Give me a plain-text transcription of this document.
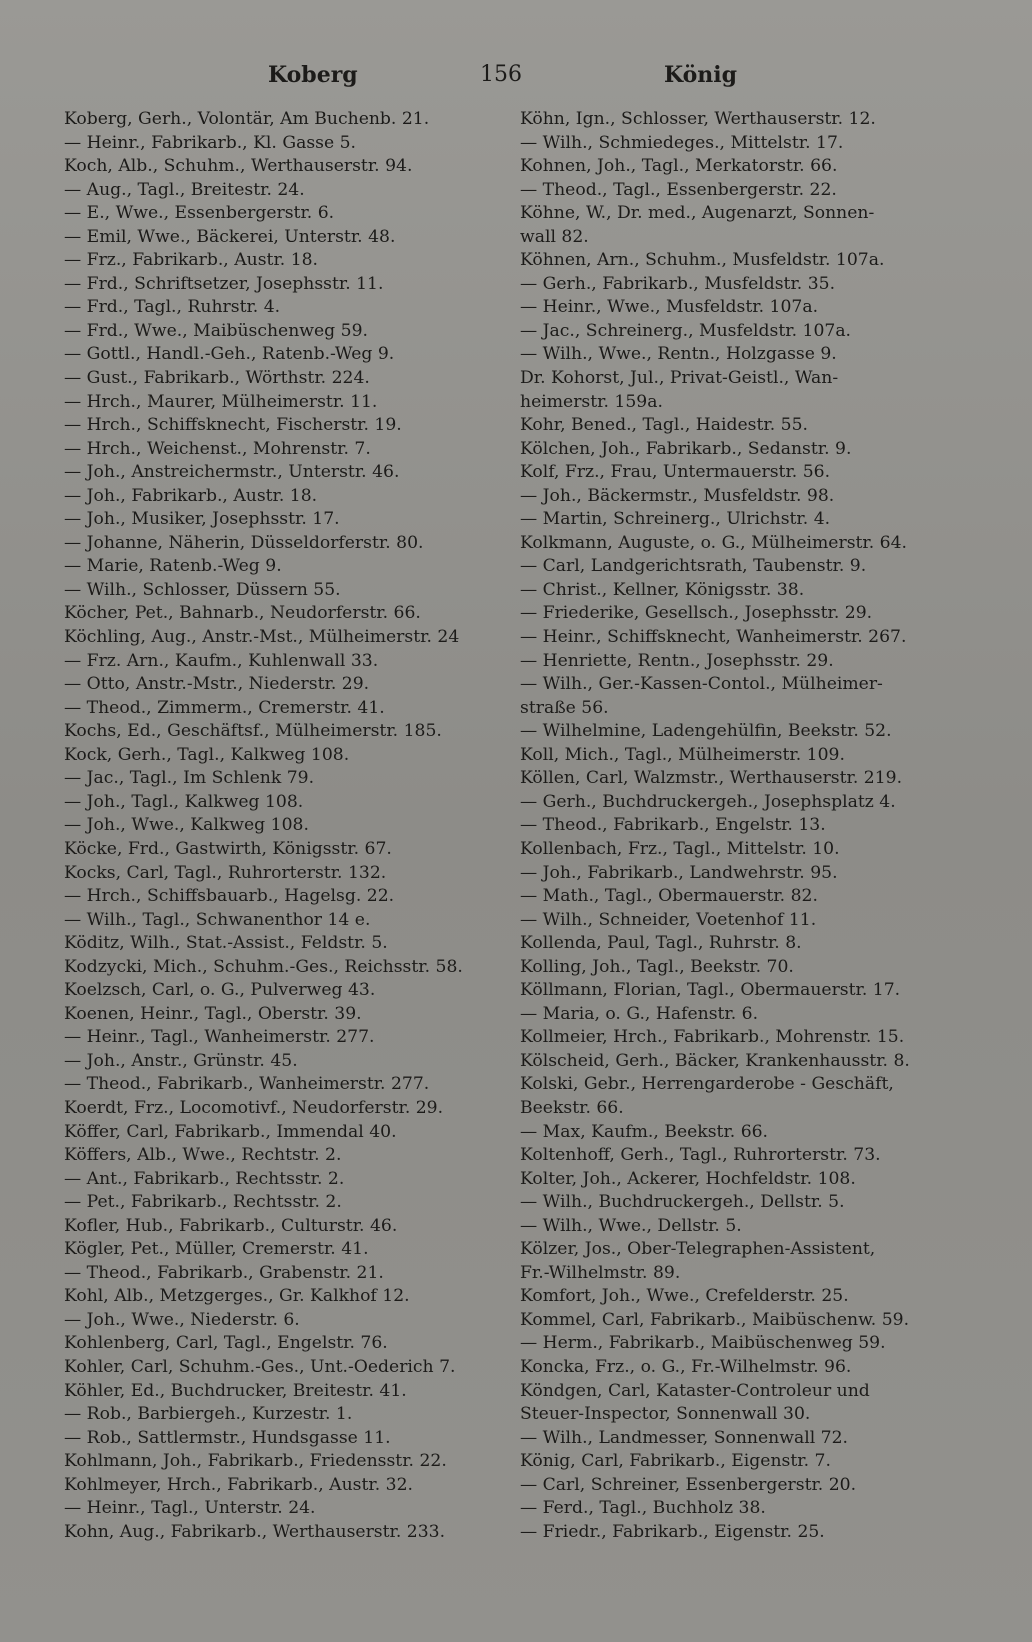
Koberg	156	König
Koberg, Gerh., Volontär, Am Buchenb. 21.
— Heinr., Fabrikarb., Kl. Gasse 5.
Koch, Alb., Schuhm., Werthauserstr. 94.
— Aug., Tagl., Breitestr. 24.
— E., Wwe., Essenbergerstr. 6.
— Emil, Wwe., Bäckerei, Unterstr. 48.
— Frz., Fabrikarb., Austr. 18.
— Frd., Schriftsetzer, Josephsstr. 11.
— Frd., Tagl., Ruhrstr. 4.
— Frd., Wwe., Maibüschenweg 59.
— Gottl., Handl.-Geh., Ratenb.-Weg 9.
— Gust., Fabrikarb., Wörthstr. 224.
— Hrch., Maurer, Mülheimerstr. 11.
— Hrch., Schiffsknecht, Fischerstr. 19.
— Hrch., Weichenst., Mohrenstr. 7.
— Joh., Anstreichermstr., Unterstr. 46.
— Joh., Fabrikarb., Austr. 18.
— Joh., Musiker, Josephsstr. 17.
— Johanne, Näherin, Düsseldorferstr. 80.
— Marie, Ratenb.-Weg 9.
— Wilh., Schlosser, Düssern 55.
Köcher, Pet., Bahnarb., Neudorferstr. 66.
Köchling, Aug., Anstr.-Mst., Mülheimerstr. 24
— Frz. Arn., Kaufm., Kuhlenwall 33.
— Otto, Anstr.-Mstr., Niederstr. 29.
— Theod., Zimmerm., Cremerstr. 41.
Kochs, Ed., Geschäftsf., Mülheimerstr. 185.
Kock, Gerh., Tagl., Kalkweg 108.
— Jac., Tagl., Im Schlenk 79.
— Joh., Tagl., Kalkweg 108.
— Joh., Wwe., Kalkweg 108.
Köcke, Frd., Gastwirth, Königsstr. 67.
Kocks, Carl, Tagl., Ruhrorterstr. 132.
— Hrch., Schiffsbauarb., Hagelsg. 22.
— Wilh., Tagl., Schwanenthor 14 e.
Köditz, Wilh., Stat.-Assist., Feldstr. 5.
Kodzycki, Mich., Schuhm.-Ges., Reichsstr. 58.
Koelzsch, Carl, o. G., Pulverweg 43.
Koenen, Heinr., Tagl., Oberstr. 39.
— Heinr., Tagl., Wanheimerstr. 277.
— Joh., Anstr., Grünstr. 45.
— Theod., Fabrikarb., Wanheimerstr. 277.
Koerdt, Frz., Locomotivf., Neudorferstr. 29.
Köffer, Carl, Fabrikarb., Immendal 40.
Köffers, Alb., Wwe., Rechtstr. 2.
— Ant., Fabrikarb., Rechtsstr. 2.
— Pet., Fabrikarb., Rechtsstr. 2.
Kofler, Hub., Fabrikarb., Culturstr. 46.
Kögler, Pet., Müller, Cremerstr. 41.
— Theod., Fabrikarb., Grabenstr. 21.
Kohl, Alb., Metzgerges., Gr. Kalkhof 12.
— Joh., Wwe., Niederstr. 6.
Kohlenberg, Carl, Tagl., Engelstr. 76.
Kohler, Carl, Schuhm.-Ges., Unt.-Oederich 7.
Köhler, Ed., Buchdrucker, Breitestr. 41.
— Rob., Barbiergeh., Kurzestr. 1.
— Rob., Sattlermstr., Hundsgasse 11.
Kohlmann, Joh., Fabrikarb., Friedensstr. 22.
Kohlmeyer, Hrch., Fabrikarb., Austr. 32.
— Heinr., Tagl., Unterstr. 24.
Kohn, Aug., Fabrikarb., Werthauserstr. 233.
Köhn, Ign., Schlosser, Werthauserstr. 12.
— Wilh., Schmiedeges., Mittelstr. 17.
Kohnen, Joh., Tagl., Merkatorstr. 66.
— Theod., Tagl., Essenbergerstr. 22.
Köhne, W., Dr. med., Augenarzt, Sonnen-
wall 82.
Köhnen, Arn., Schuhm., Musfeldstr. 107a.
— Gerh., Fabrikarb., Musfeldstr. 35.
— Heinr., Wwe., Musfeldstr. 107a.
— Jac., Schreinerg., Musfeldstr. 107a.
— Wilh., Wwe., Rentn., Holzgasse 9.
Dr. Kohorst, Jul., Privat-Geistl., Wan-
heimerstr. 159a.
Kohr, Bened., Tagl., Haidestr. 55.
Kölchen, Joh., Fabrikarb., Sedanstr. 9.
Kolf, Frz., Frau, Untermauerstr. 56.
— Joh., Bäckermstr., Musfeldstr. 98.
— Martin, Schreinerg., Ulrichstr. 4.
Kolkmann, Auguste, o. G., Mülheimerstr. 64.
— Carl, Landgerichtsrath, Taubenstr. 9.
— Christ., Kellner, Königsstr. 38.
— Friederike, Gesellsch., Josephsstr. 29.
— Heinr., Schiffsknecht, Wanheimerstr. 267.
— Henriette, Rentn., Josephsstr. 29.
— Wilh., Ger.-Kassen-Contol., Mülheimer-
straße 56.
— Wilhelmine, Ladengehülfin, Beekstr. 52.
Koll, Mich., Tagl., Mülheimerstr. 109.
Köllen, Carl, Walzmstr., Werthauserstr. 219.
— Gerh., Buchdruckergeh., Josephsplatz 4.
— Theod., Fabrikarb., Engelstr. 13.
Kollenbach, Frz., Tagl., Mittelstr. 10.
— Joh., Fabrikarb., Landwehrstr. 95.
— Math., Tagl., Obermauerstr. 82.
— Wilh., Schneider, Voetenhof 11.
Kollenda, Paul, Tagl., Ruhrstr. 8.
Kolling, Joh., Tagl., Beekstr. 70.
Köllmann, Florian, Tagl., Obermauerstr. 17.
— Maria, o. G., Hafenstr. 6.
Kollmeier, Hrch., Fabrikarb., Mohrenstr. 15.
Kölscheid, Gerh., Bäcker, Krankenhausstr. 8.
Kolski, Gebr., Herrengarderobe - Geschäft,
Beekstr. 66.
— Max, Kaufm., Beekstr. 66.
Koltenhoff, Gerh., Tagl., Ruhrorterstr. 73.
Kolter, Joh., Ackerer, Hochfeldstr. 108.
— Wilh., Buchdruckergeh., Dellstr. 5.
— Wilh., Wwe., Dellstr. 5.
Kölzer, Jos., Ober-Telegraphen-Assistent,
Fr.-Wilhelmstr. 89.
Komfort, Joh., Wwe., Crefelderstr. 25.
Kommel, Carl, Fabrikarb., Maibüschenw. 59.
— Herm., Fabrikarb., Maibüschenweg 59.
Koncka, Frz., o. G., Fr.-Wilhelmstr. 96.
Köndgen, Carl, Kataster-Controleur und
Steuer-Inspector, Sonnenwall 30.
— Wilh., Landmesser, Sonnenwall 72.
König, Carl, Fabrikarb., Eigenstr. 7.
— Carl, Schreiner, Essenbergerstr. 20.
— Ferd., Tagl., Buchholz 38.
— Friedr., Fabrikarb., Eigenstr. 25.
